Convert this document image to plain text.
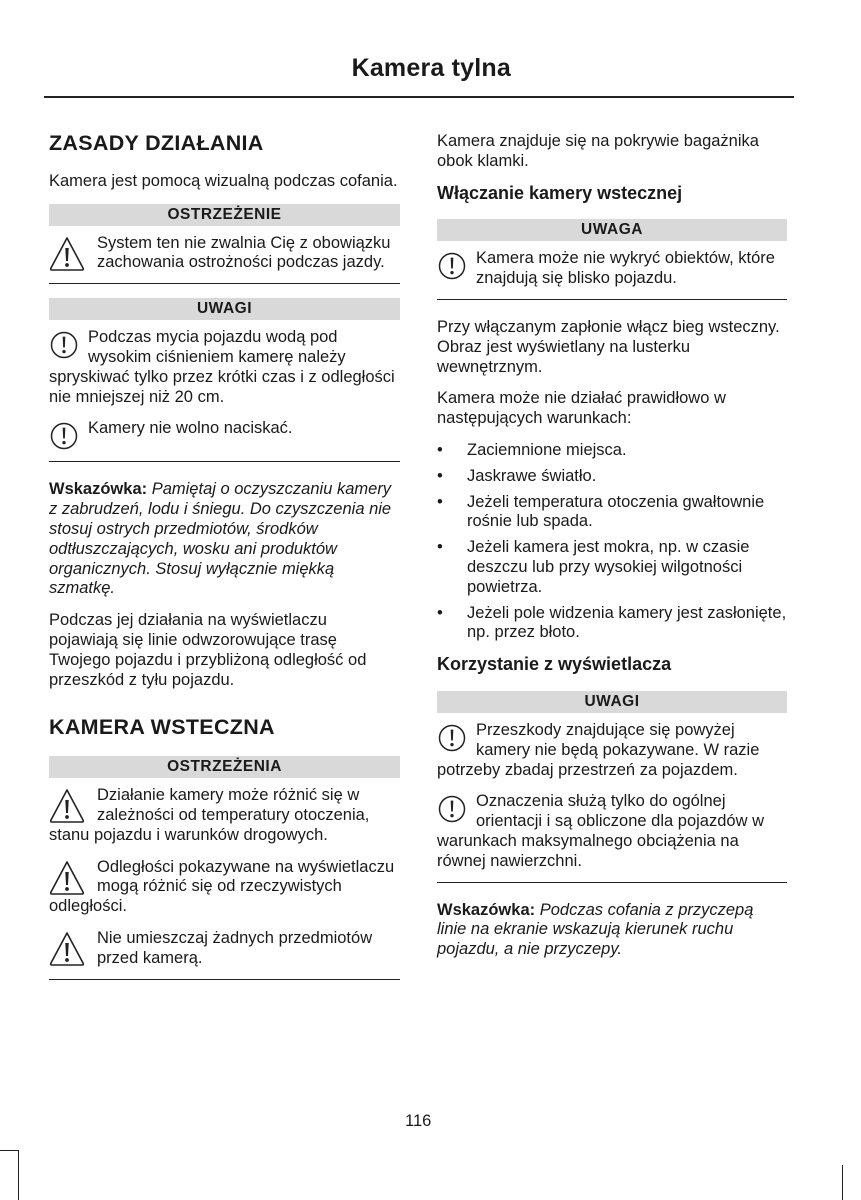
Kamera tylna
ZASADY DZIAŁANIA

Kamera jest pomocą wizualną podczas cofania.

OSTRZEŻENIE
System ten nie zwalnia Cię z obowiązku zachowania ostrożności podczas jazdy.
UWAGI
Podczas mycia pojazdu wodą pod wysokim ciśnieniem kamerę należy spryskiwać tylko przez krótki czas i z odległości nie mniejszej niż 20 cm.
Kamery nie wolno naciskać.

Wskazówka: Pamiętaj o oczyszczaniu kamery z zabrudzeń, lodu i śniegu. Do czyszczenia nie stosuj ostrych przedmiotów, środków odtłuszczających, wosku ani produktów organicznych. Stosuj wyłącznie miękką szmatkę.

Podczas jej działania na wyświetlaczu pojawiają się linie odwzorowujące trasę Twojego pojazdu i przybliżoną odległość od przeszkód z tyłu pojazdu.

KAMERA WSTECZNA
OSTRZEŻENIA
Działanie kamery może różnić się w zależności od temperatury otoczenia, stanu pojazdu i warunków drogowych.
Odległości pokazywane na wyświetlaczu mogą różnić się od rzeczywistych odległości.
Nie umieszczaj żadnych przedmiotów przed kamerą.

Kamera znajduje się na pokrywie bagażnika obok klamki.

Włączanie kamery wstecznej
UWAGA
Kamera może nie wykryć obiektów, które znajdują się blisko pojazdu.

Przy włączanym zapłonie włącz bieg wsteczny. Obraz jest wyświetlany na lusterku wewnętrznym.

Kamera może nie działać prawidłowo w następujących warunkach:

• Zaciemnione miejsca.
• Jaskrawe światło.
• Jeżeli temperatura otoczenia gwałtownie rośnie lub spada.
• Jeżeli kamera jest mokra, np. w czasie deszczu lub przy wysokiej wilgotności powietrza.
• Jeżeli pole widzenia kamery jest zasłonięte, np. przez błoto.
Korzystanie z wyświetlacza
UWAGI
Przeszkody znajdujące się powyżej kamery nie będą pokazywane. W razie potrzeby zbadaj przestrzeń za pojazdem.
Oznaczenia służą tylko do ogólnej orientacji i są obliczone dla pojazdów w warunkach maksymalnego obciążenia na równej nawierzchni.

Wskazówka: Podczas cofania z przyczepą linie na ekranie wskazują kierunek ruchu pojazdu, a nie przyczepy.

116
